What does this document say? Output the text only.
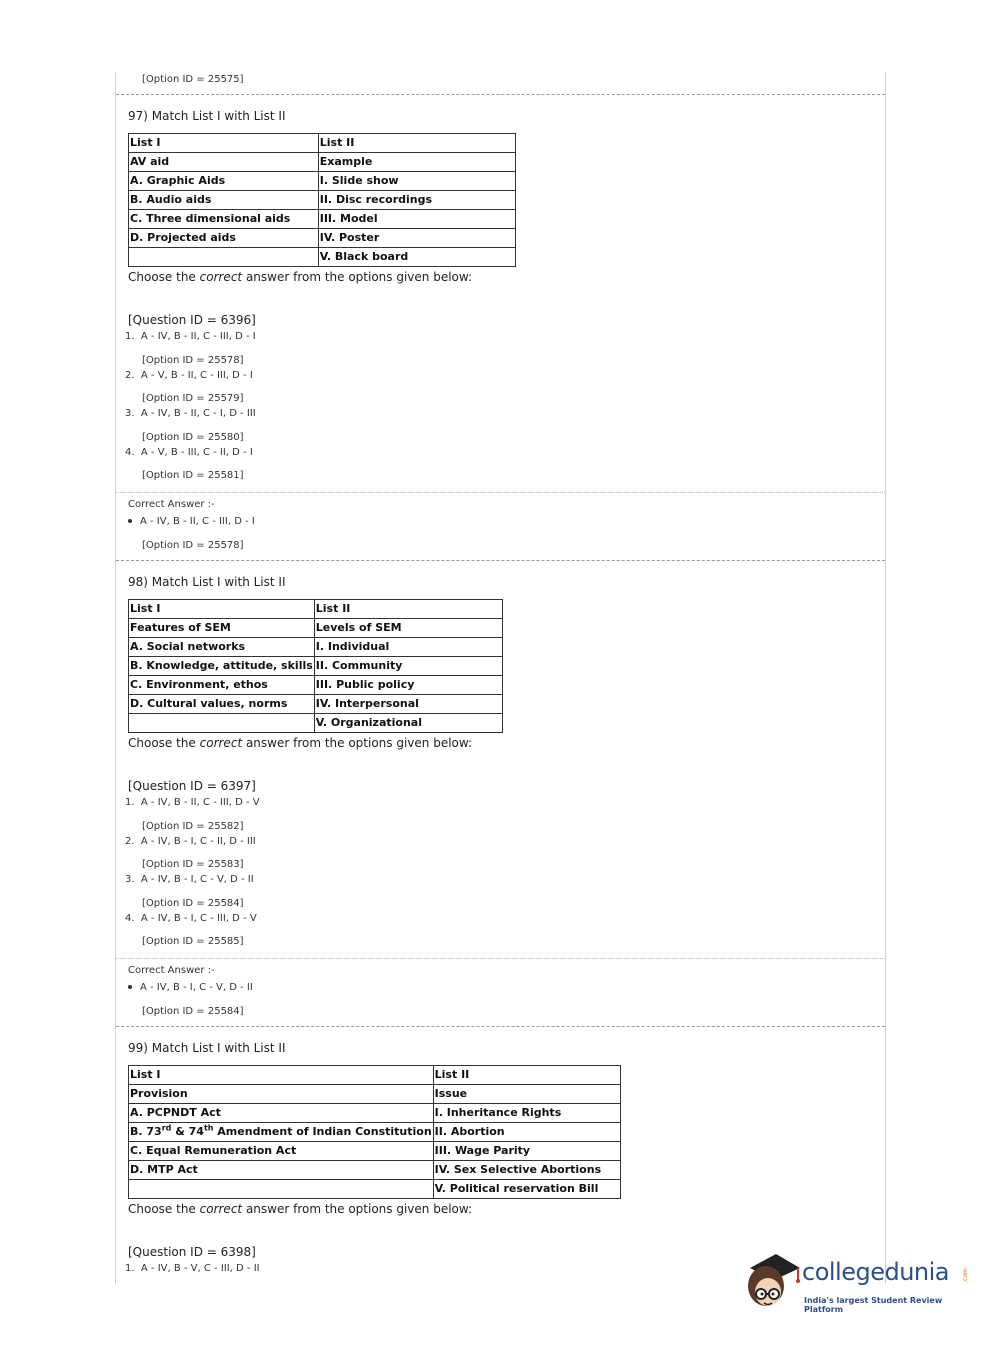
[Option ID = 25575]
97) Match List I with List II
List I	List II
AV aid	Example
A. Graphic Aids	I. Slide show
B. Audio aids	II. Disc recordings
C. Three dimensional aids	III. Model
D. Projected aids	IV. Poster
	V. Black board
Choose the correct answer from the options given below:
[Question ID = 6396]
1. A - IV, B - II, C - III, D - I
[Option ID = 25578]
2. A - V, B - II, C - III, D - I
[Option ID = 25579]
3. A - IV, B - II, C - I, D - III
[Option ID = 25580]
4. A - V, B - III, C - II, D - I
[Option ID = 25581]
Correct Answer :-
A - IV, B - II, C - III, D - I
[Option ID = 25578]
98) Match List I with List II
List I	List II
Features of SEM	Levels of SEM
A. Social networks	I. Individual
B. Knowledge, attitude, skills	II. Community
C. Environment, ethos	III. Public policy
D. Cultural values, norms	IV. Interpersonal
	V. Organizational
Choose the correct answer from the options given below:
[Question ID = 6397]
1. A - IV, B - II, C - III, D - V
[Option ID = 25582]
2. A - IV, B - I, C - II, D - III
[Option ID = 25583]
3. A - IV, B - I, C - V, D - II
[Option ID = 25584]
4. A - IV, B - I, C - III, D - V
[Option ID = 25585]
Correct Answer :-
A - IV, B - I, C - V, D - II
[Option ID = 25584]
99) Match List I with List II
List I	List II
Provision	Issue
A. PCPNDT Act	I. Inheritance Rights
B. 73rd & 74th Amendment of Indian Constitution	II. Abortion
C. Equal Remuneration Act	III. Wage Parity
D. MTP Act	IV. Sex Selective Abortions
	V. Political reservation Bill
Choose the correct answer from the options given below:
[Question ID = 6398]
1. A - IV, B - V, C - III, D - II	collegedunia .com
India's largest Student Review Platform
